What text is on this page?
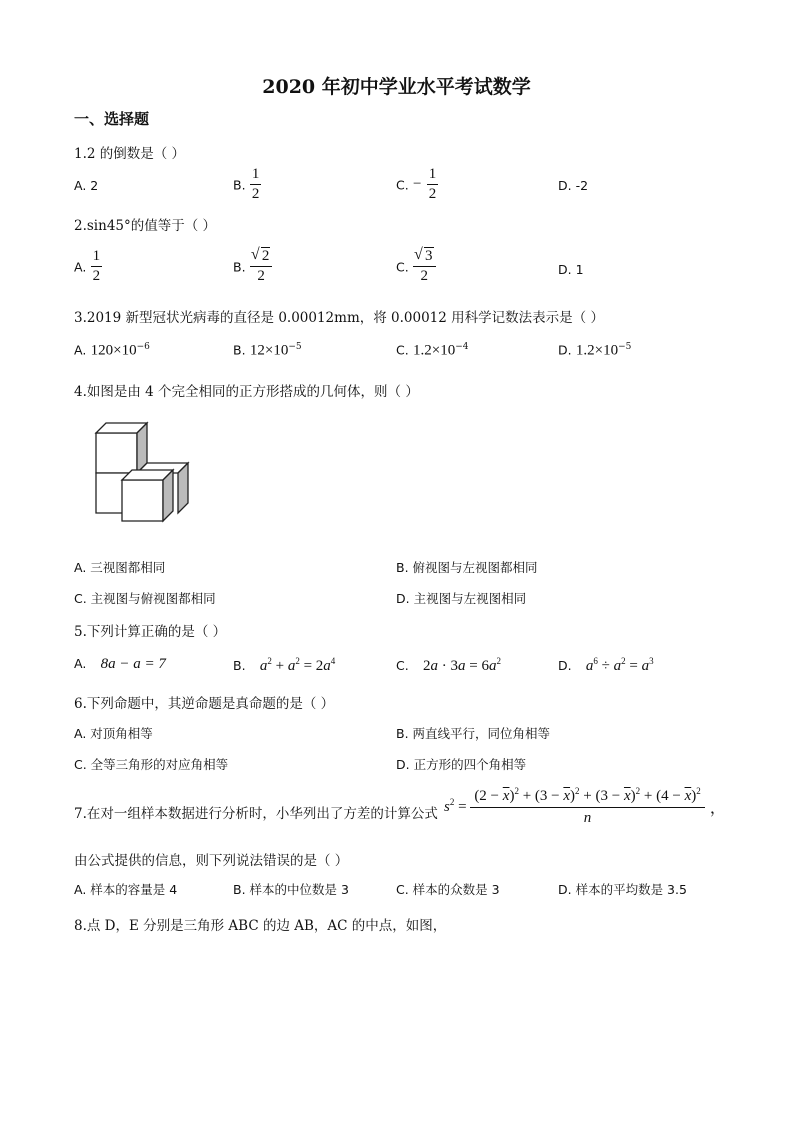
2020 年初中学业水平考试数学
一、选择题
1.2 的倒数是（ ）
A. 2	B. $\frac{1}{2}$	C. − $\frac{1}{2}$	D. -2
2.sin45°的值等于（ ）
A. $\frac{1}{2}$	B. √ $\frac{2}{2}$	C. √ $\frac{3}{2}$	D. 1
3.2019 新型冠状光病毒的直径是 0.00012mm，将 0.00012 用科学记数法表示是（ ）
A. $120\times 10^{-6}$	B. $12\times 10^{-5}$	C. $1.2\times 10^{-4}$	D. $1.2\times 10^{-5}$
4.如图是由 4 个完全相同的正方形搭成的几何体，则（ ）
A. 三视图都相同	B. 俯视图与左视图都相同
C. 主视图与俯视图都相同	D. 主视图与左视图相同
5.下列计算正确的是（ ）
A. 8a − a = 7	B. $a^2 + a^2 = 2a^4$	C. $2a \cdot 3a = 6a^2$	D. $a^6 \div a^2 = a^3$
6.下列命题中，其逆命题是真命题的是（ ）
A. 对顶角相等	B. 两直线平行，同位角相等
C. 全等三角形的对应角相等	D. 正方形的四个角相等
7.在对一组样本数据进行分析时，小华列出了方差的计算公式 $s^2 = \frac{(2 - \overline{x})^2 + (3 - \overline{x})^2 + (3 - \overline{x})^2 + (4 - \overline{x})^2}{n}$ ，
由公式提供的信息，则下列说法错误的是（ ）
A. 样本的容量是 4	B. 样本的中位数是 3	C. 样本的众数是 3	D. 样本的平均数是 3.5
8.点 D，E 分别是三角形 ABC 的边 AB，AC 的中点，如图，
